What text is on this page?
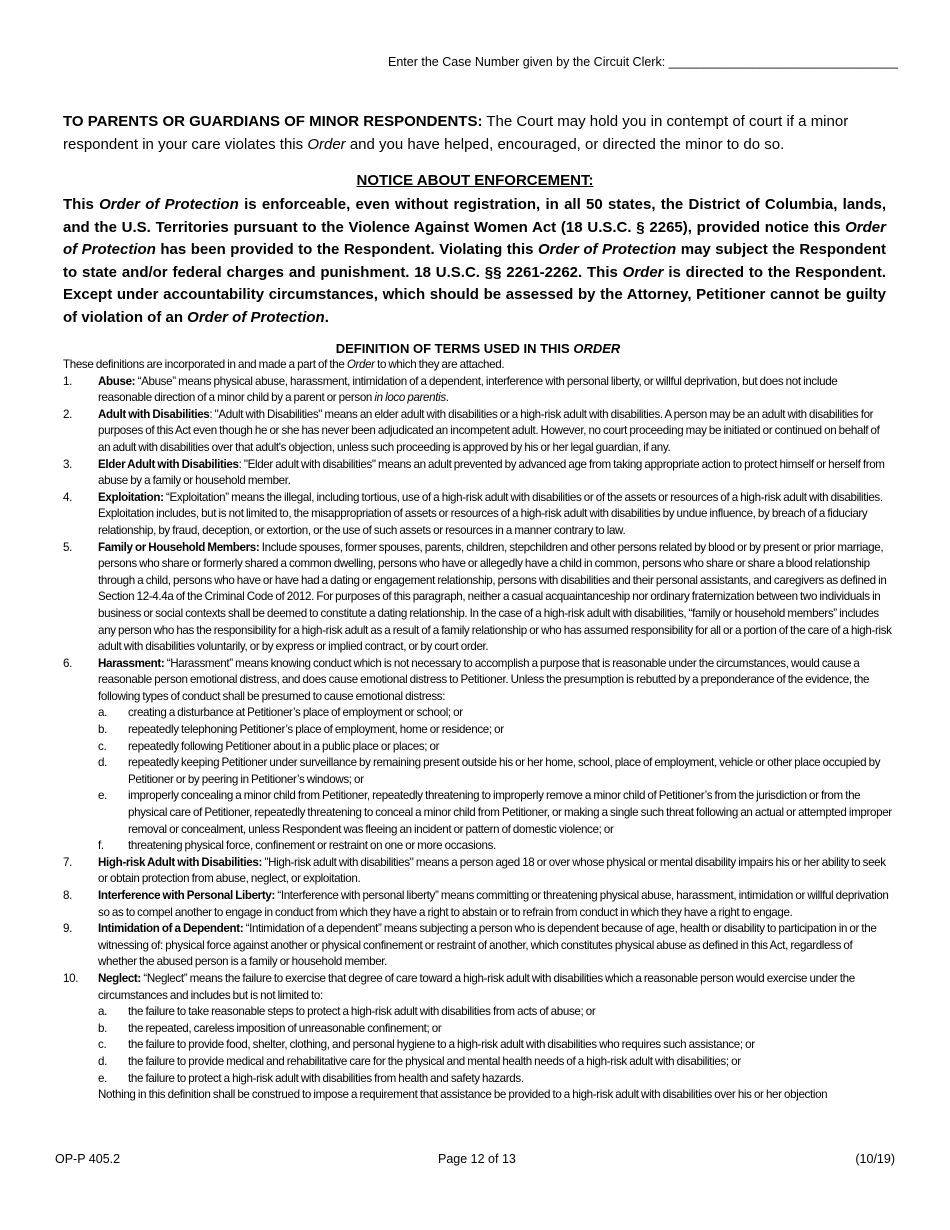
Enter the Case Number given by the Circuit Clerk: _________________________________
TO PARENTS OR GUARDIANS OF MINOR RESPONDENTS: The Court may hold you in contempt of court if a minor respondent in your care violates this Order and you have helped, encouraged, or directed the minor to do so.
NOTICE ABOUT ENFORCEMENT:
This Order of Protection is enforceable, even without registration, in all 50 states, the District of Columbia, lands, and the U.S. Territories pursuant to the Violence Against Women Act (18 U.S.C. § 2265), provided notice this Order of Protection has been provided to the Respondent. Violating this Order of Protection may subject the Respondent to state and/or federal charges and punishment. 18 U.S.C. §§ 2261-2262. This Order is directed to the Respondent. Except under accountability circumstances, which should be assessed by the Attorney, Petitioner cannot be guilty of violation of an Order of Protection.
DEFINITION OF TERMS USED IN THIS ORDER
These definitions are incorporated in and made a part of the Order to which they are attached.
1. Abuse: “Abuse” means physical abuse, harassment, intimidation of a dependent, interference with personal liberty, or willful deprivation, but does not include
reasonable direction of a minor child by a parent or person in loco parentis.
2. Adult with Disabilities: "Adult with Disabilities" means an elder adult with disabilities or a high-risk adult with disabilities. A person may be an adult with disabilities for purposes of this Act even though he or she has never been adjudicated an incompetent adult. However, no court proceeding may be initiated or continued on behalf of an adult with disabilities over that adult's objection, unless such proceeding is approved by his or her legal guardian, if any.
3. Elder Adult with Disabilities: "Elder adult with disabilities" means an adult prevented by advanced age from taking appropriate action to protect himself or herself from abuse by a family or household member.
4. Exploitation: “Exploitation” means the illegal, including tortious, use of a high-risk adult with disabilities or of the assets or resources of a high-risk adult with disabilities. Exploitation includes, but is not limited to, the misappropriation of assets or resources of a high-risk adult with disabilities by undue influence, by breach of a fiduciary relationship, by fraud, deception, or extortion, or the use of such assets or resources in a manner contrary to law.
5. Family or Household Members: Include spouses, former spouses, parents, children, stepchildren and other persons related by blood or by present or prior marriage, persons who share or formerly shared a common dwelling, persons who have or allegedly have a child in common, persons who share or share a blood relationship through a child, persons who have or have had a dating or engagement relationship, persons with disabilities and their personal assistants, and caregivers as defined in Section 12-4.4a of the Criminal Code of 2012. For purposes of this paragraph, neither a casual acquaintanceship nor ordinary fraternization between two individuals in business or social contexts shall be deemed to constitute a dating relationship. In the case of a high-risk adult with disabilities, “family or household members” includes any person who has the responsibility for a high-risk adult as a result of a family relationship or who has assumed responsibility for all or a portion of the care of a high-risk adult with disabilities voluntarily, or by express or implied contract, or by court order.
6. Harassment: “Harassment” means knowing conduct which is not necessary to accomplish a purpose that is reasonable under the circumstances, would cause a reasonable person emotional distress, and does cause emotional distress to Petitioner. Unless the presumption is rebutted by a preponderance of the evidence, the following types of conduct shall be presumed to cause emotional distress:
a. creating a disturbance at Petitioner’s place of employment or school; or
b. repeatedly telephoning Petitioner’s place of employment, home or residence; or
c. repeatedly following Petitioner about in a public place or places; or
d. repeatedly keeping Petitioner under surveillance by remaining present outside his or her home, school, place of employment, vehicle or other place occupied by Petitioner or by peering in Petitioner’s windows; or
e. improperly concealing a minor child from Petitioner, repeatedly threatening to improperly remove a minor child of Petitioner’s from the jurisdiction or from the physical care of Petitioner, repeatedly threatening to conceal a minor child from Petitioner, or making a single such threat following an actual or attempted improper removal or concealment, unless Respondent was fleeing an incident or pattern of domestic violence; or
f. threatening physical force, confinement or restraint on one or more occasions.
7. High-risk Adult with Disabilities: "High-risk adult with disabilities" means a person aged 18 or over whose physical or mental disability impairs his or her ability to seek or obtain protection from abuse, neglect, or exploitation.
8. Interference with Personal Liberty: “Interference with personal liberty” means committing or threatening physical abuse, harassment, intimidation or willful deprivation so as to compel another to engage in conduct from which they have a right to abstain or to refrain from conduct in which they have a right to engage.
9. Intimidation of a Dependent: “Intimidation of a dependent” means subjecting a person who is dependent because of age, health or disability to participation in or the witnessing of: physical force against another or physical confinement or restraint of another, which constitutes physical abuse as defined in this Act, regardless of whether the abused person is a family or household member.
10. Neglect: “Neglect” means the failure to exercise that degree of care toward a high-risk adult with disabilities which a reasonable person would exercise under the circumstances and includes but is not limited to:
a. the failure to take reasonable steps to protect a high-risk adult with disabilities from acts of abuse; or
b. the repeated, careless imposition of unreasonable confinement; or
c. the failure to provide food, shelter, clothing, and personal hygiene to a high-risk adult with disabilities who requires such assistance; or
d. the failure to provide medical and rehabilitative care for the physical and mental health needs of a high-risk adult with disabilities; or
e. the failure to protect a high-risk adult with disabilities from health and safety hazards.
Nothing in this definition shall be construed to impose a requirement that assistance be provided to a high-risk adult with disabilities over his or her objection
OP-P 405.2	Page 12 of 13	(10/19)
